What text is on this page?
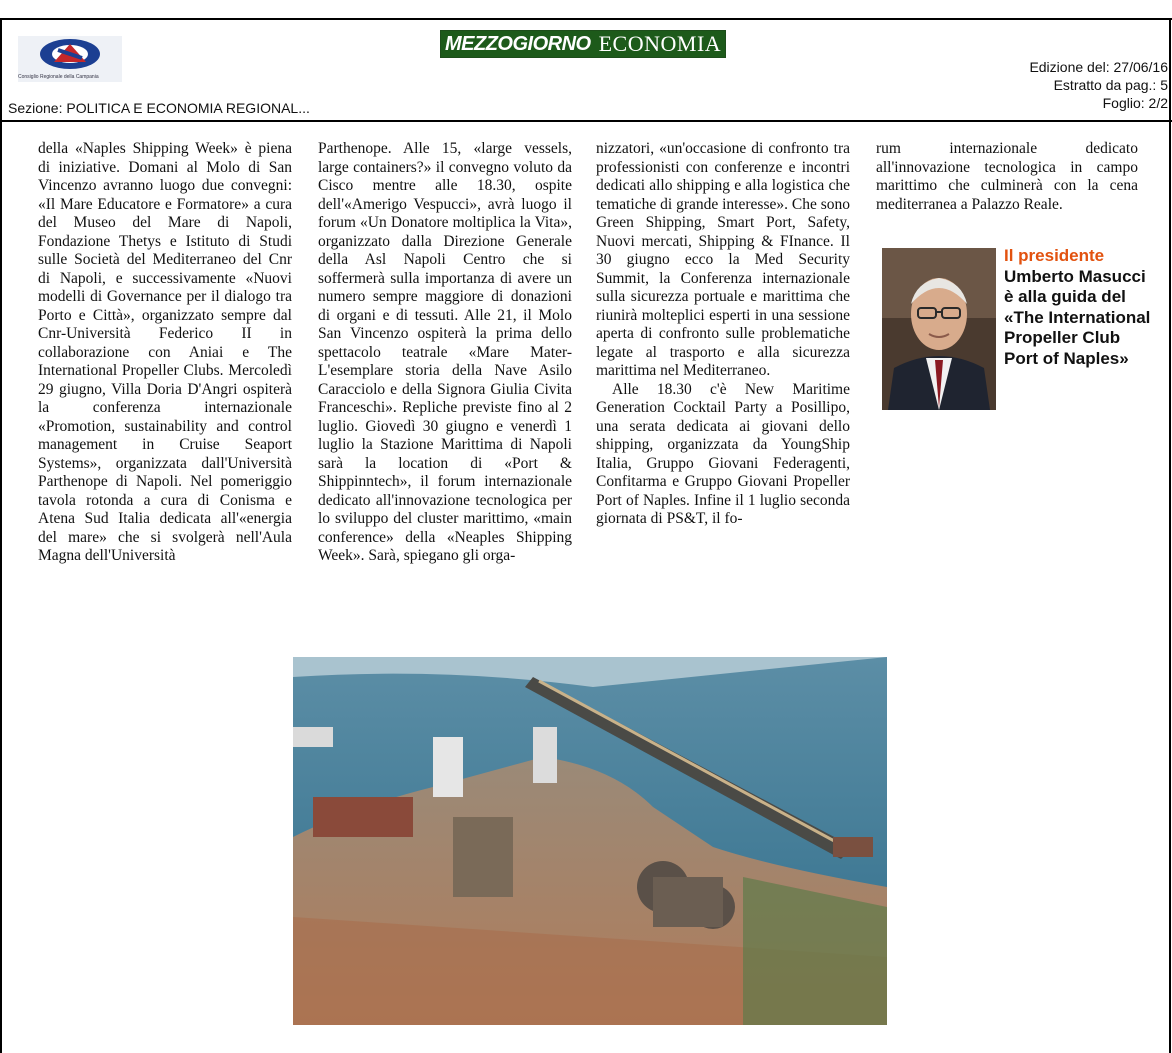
Consiglio Regionale della Campania
MEZZOGIORNO ECONOMIA
Edizione del: 27/06/16
Estratto da pag.: 5
Foglio: 2/2
Sezione: POLITICA E ECONOMIA REGIONAL...

della «Naples Shipping Week» è piena di iniziative. Domani al Molo di San Vincenzo avranno luogo due convegni: «Il Mare Educatore e Formatore» a cura del Museo del Mare di Napoli, Fondazione Thetys e Istituto di Studi sulle Società del Mediterraneo del Cnr di Napoli, e successivamente «Nuovi modelli di Governance per il dialogo tra Porto e Città», organizzato sempre dal Cnr-Università Federico II in collaborazione con Aniai e The International Propeller Clubs. Mercoledì 29 giugno, Villa Doria D'Angri ospiterà la conferenza internazionale «Promotion, sustainability and control management in Cruise Seaport Systems», organizzata dall'Università Parthenope di Napoli. Nel pomeriggio tavola rotonda a cura di Conisma e Atena Sud Italia dedicata all'«energia del mare» che si svolgerà nell'Aula Magna dell'Università

Parthenope. Alle 15, «large vessels, large containers?» il convegno voluto da Cisco mentre alle 18.30, ospite dell'«Amerigo Vespucci», avrà luogo il forum «Un Donatore moltiplica la Vita», organizzato dalla Direzione Generale della Asl Napoli Centro che si soffermerà sulla importanza di avere un numero sempre maggiore di donazioni di organi e di tessuti. Alle 21, il Molo San Vincenzo ospiterà la prima dello spettacolo teatrale «Mare Mater-L'esemplare storia della Nave Asilo Caracciolo e della Signora Giulia Civita Franceschi». Repliche previste fino al 2 luglio. Giovedì 30 giugno e venerdì 1 luglio la Stazione Marittima di Napoli sarà la location di «Port & Shippinntech», il forum internazionale dedicato all'innovazione tecnologica per lo sviluppo del cluster marittimo, «main conference» della «Neaples Shipping Week». Sarà, spiegano gli orga-

nizzatori, «un'occasione di confronto tra professionisti con conferenze e incontri dedicati allo shipping e alla logistica che tematiche di grande interesse». Che sono Green Shipping, Smart Port, Safety, Nuovi mercati, Shipping & FInance. Il 30 giugno ecco la Med Security Summit, la Conferenza internazionale sulla sicurezza portuale e marittima che riunirà molteplici esperti in una sessione aperta di confronto sulle problematiche legate al trasporto e alla sicurezza marittima nel Mediterraneo.

Alle 18.30 c'è New Maritime Generation Cocktail Party a Posillipo, una serata dedicata ai giovani dello shipping, organizzata da YoungShip Italia, Gruppo Giovani Federagenti, Confitarma e Gruppo Giovani Propeller Port of Naples. Infine il 1 luglio seconda giornata di PS&T, il fo-

rum internazionale dedicato all'innovazione tecnologica in campo marittimo che culminerà con la cena mediterranea a Palazzo Reale.

Il presidente
Umberto Masucci è alla guida del «The International Propeller Club Port of Naples»
